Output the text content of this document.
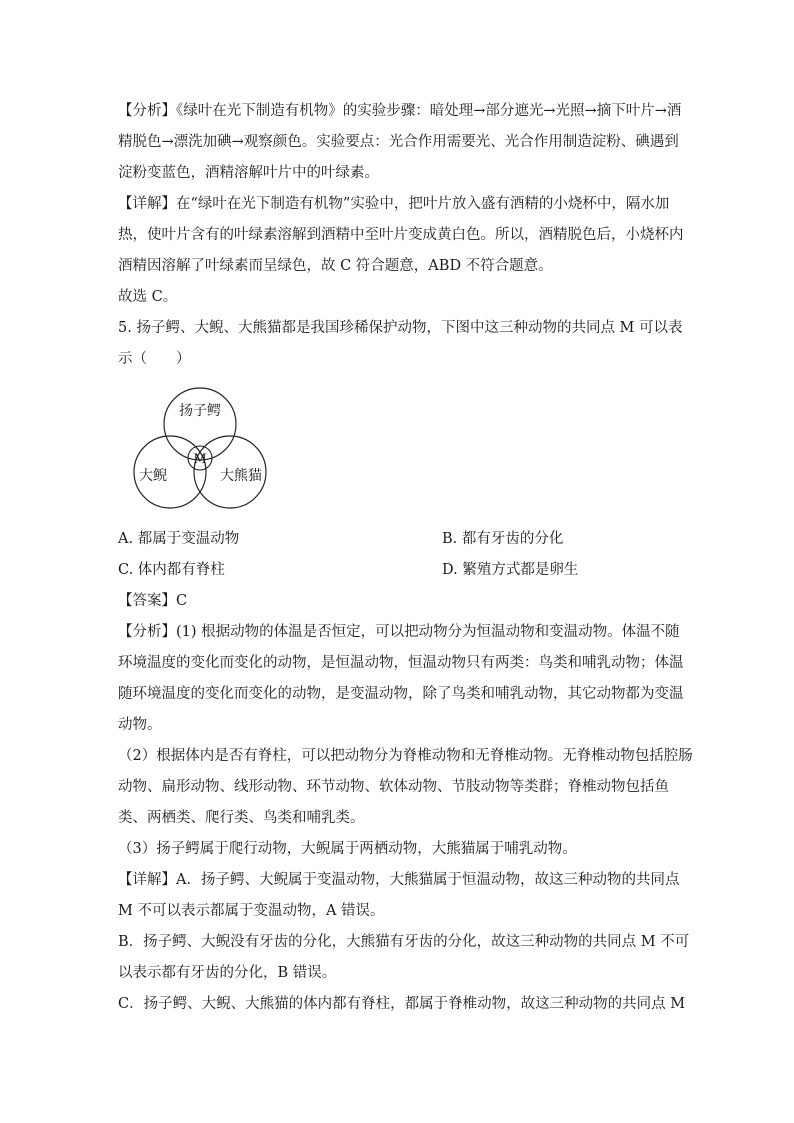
【分析】《绿叶在光下制造有机物》的实验步骤：暗处理→部分遮光→光照→摘下叶片→酒
精脱色→漂洗加碘→观察颜色。实验要点：光合作用需要光、光合作用制造淀粉、碘遇到
淀粉变蓝色，酒精溶解叶片中的叶绿素。
【详解】在“绿叶在光下制造有机物”实验中，把叶片放入盛有酒精的小烧杯中，隔水加
热，使叶片含有的叶绿素溶解到酒精中至叶片变成黄白色。所以，酒精脱色后，小烧杯内
酒精因溶解了叶绿素而呈绿色，故 C 符合题意，ABD 不符合题意。
故选 C。
5. 扬子鳄、大鲵、大熊猫都是我国珍稀保护动物，下图中这三种动物的共同点 M 可以表
示（　　）
扬子鳄
大鲵	大熊猫
M
A. 都属于变温动物	B. 都有牙齿的分化
C. 体内都有脊柱	D. 繁殖方式都是卵生
【答案】C
【分析】(1) 根据动物的体温是否恒定，可以把动物分为恒温动物和变温动物。体温不随
环境温度的变化而变化的动物，是恒温动物，恒温动物只有两类：鸟类和哺乳动物；体温
随环境温度的变化而变化的动物，是变温动物，除了鸟类和哺乳动物，其它动物都为变温
动物。
（2）根据体内是否有脊柱，可以把动物分为脊椎动物和无脊椎动物。无脊椎动物包括腔肠
动物、扁形动物、线形动物、环节动物、软体动物、节肢动物等类群；脊椎动物包括鱼
类、两栖类、爬行类、鸟类和哺乳类。
（3）扬子鳄属于爬行动物，大鲵属于两栖动物，大熊猫属于哺乳动物。
【详解】A．扬子鳄、大鲵属于变温动物，大熊猫属于恒温动物，故这三种动物的共同点
M 不可以表示都属于变温动物，A 错误。
B．扬子鳄、大鲵没有牙齿的分化，大熊猫有牙齿的分化，故这三种动物的共同点 M 不可
以表示都有牙齿的分化，B 错误。
C．扬子鳄、大鲵、大熊猫的体内都有脊柱，都属于脊椎动物，故这三种动物的共同点 M
